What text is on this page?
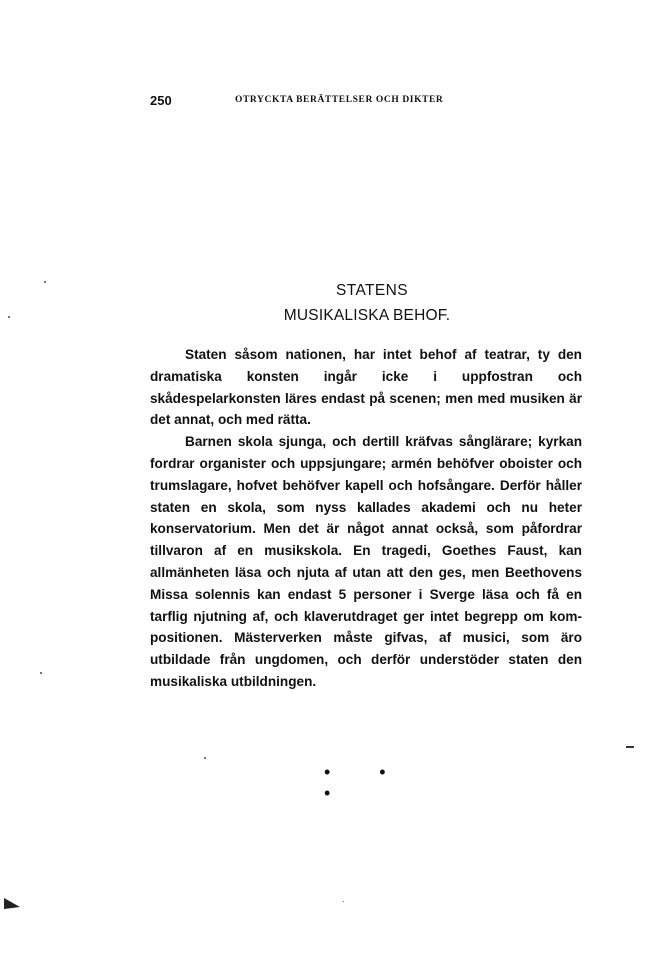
250	OTRYCKTA BERÄTTELSER OCH DIKTER
STATENS
MUSIKALISKA BEHOF.

Staten såsom nationen, har intet behof af teatrar, ty den dramatiska konsten ingår icke i uppfostran och skådespelarkonsten läres endast på scenen; men med musiken är det annat, och med rätta.

Barnen skola sjunga, och dertill kräfvas sånglärare; kyrkan fordrar organister och uppsjungare; armén behöfver oboister och trumslagare, hofvet behöfver kapell och hofsångare. Derför håller staten en skola, som nyss kallades akademi och nu heter konservatorium. Men det är något annat också, som påfordrar tillvaron af en musikskola. En tragedi, Goethes Faust, kan allmänheten läsa och njuta af utan att den ges, men Beethovens Missa solennis kan endast 5 personer i Sverge läsa och få en tarflig njutning af, och klaverutdraget ger intet begrepp om kompositionen. Mästerverken måste gifvas, af musici, som äro utbildade från ungdomen, och derför understöder staten den musikaliska utbildningen.

• • •
